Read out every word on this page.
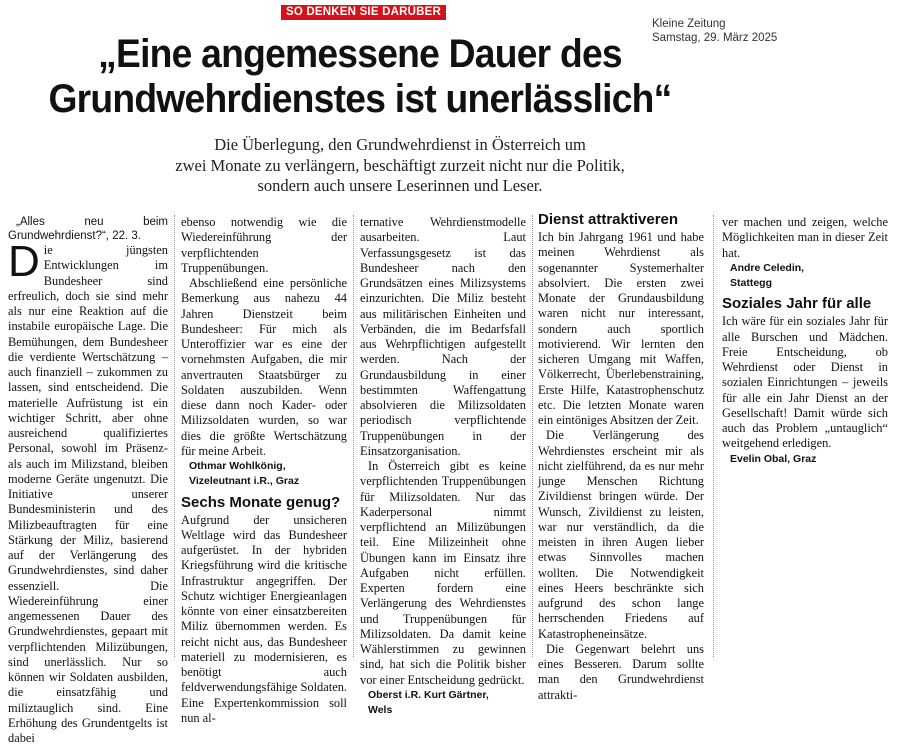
SO DENKEN SIE DARÜBER
Kleine Zeitung
Samstag, 29. März 2025
„Eine angemessene Dauer des
Grundwehrdienstes ist unerlässlich“

Die Überlegung, den Grundwehrdienst in Österreich um
zwei Monate zu verlängern, beschäftigt zurzeit nicht nur die Politik,
sondern auch unsere Leserinnen und Leser.

„Alles neu beim Grundwehrdienst?“, 22. 3.

Die jüngsten Entwicklungen im Bundesheer sind erfreulich, doch sie sind mehr als nur eine Reaktion auf die instabile europäische Lage. Die Bemühungen, dem Bundesheer die verdiente Wertschätzung – auch finanziell – zukommen zu lassen, sind entscheidend. Die materielle Aufrüstung ist ein wichtiger Schritt, aber ohne ausreichend qualifiziertes Personal, sowohl im Präsenz- als auch im Milizstand, bleiben moderne Geräte ungenutzt. Die Initiative unserer Bundesministerin und des Milizbeauftragten für eine Stärkung der Miliz, basierend auf der Verlängerung des Grundwehrdienstes, sind daher essenziell. Die Wiedereinführung einer angemessenen Dauer des Grundwehrdienstes, gepaart mit verpflichtenden Milizübungen, sind unerlässlich. Nur so können wir Soldaten ausbilden, die einsatzfähig und miliztauglich sind. Eine Erhöhung des Grundentgelts ist dabei

ebenso notwendig wie die Wiedereinführung der verpflichtenden Truppenübungen.

Abschließend eine persönliche Bemerkung aus nahezu 44 Jahren Dienstzeit beim Bundesheer: Für mich als Unteroffizier war es eine der vornehmsten Aufgaben, die mir anvertrauten Staatsbürger zu Soldaten auszubilden. Wenn diese dann noch Kader- oder Milizsoldaten wurden, so war dies die größte Wertschätzung für meine Arbeit.

Othmar Wohlkönig,

Vizeleutnant i.R., Graz

Sechs Monate genug?

Aufgrund der unsicheren Weltlage wird das Bundesheer aufgerüstet. In der hybriden Kriegsführung wird die kritische Infrastruktur angegriffen. Der Schutz wichtiger Energieanlagen könnte von einer einsatzbereiten Miliz übernommen werden. Es reicht nicht aus, das Bundesheer materiell zu modernisieren, es benötigt auch feldverwendungsfähige Soldaten. Eine Expertenkommission soll nun al-

ternative Wehrdienstmodelle ausarbeiten. Laut Verfassungsgesetz ist das Bundesheer nach den Grundsätzen eines Milizsystems einzurichten. Die Miliz besteht aus militärischen Einheiten und Verbänden, die im Bedarfsfall aus Wehrpflichtigen aufgestellt werden. Nach der Grundausbildung in einer bestimmten Waffengattung absolvieren die Milizsoldaten periodisch verpflichtende Truppenübungen in der Einsatzorganisation.

In Österreich gibt es keine verpflichtenden Truppenübungen für Milizsoldaten. Nur das Kaderpersonal nimmt verpflichtend an Milizübungen teil. Eine Milizeinheit ohne Übungen kann im Einsatz ihre Aufgaben nicht erfüllen. Experten fordern eine Verlängerung des Wehrdienstes und Truppenübungen für Milizsoldaten. Da damit keine Wählerstimmen zu gewinnen sind, hat sich die Politik bisher vor einer Entscheidung gedrückt.

Oberst i.R. Kurt Gärtner,

Wels

Dienst attraktiveren

Ich bin Jahrgang 1961 und habe meinen Wehrdienst als sogenannter Systemerhalter absolviert. Die ersten zwei Monate der Grundausbildung waren nicht nur interessant, sondern auch sportlich motivierend. Wir lernten den sicheren Umgang mit Waffen, Völkerrecht, Überlebenstraining, Erste Hilfe, Katastrophenschutz etc. Die letzten Monate waren ein eintöniges Absitzen der Zeit.

Die Verlängerung des Wehrdienstes erscheint mir als nicht zielführend, da es nur mehr junge Menschen Richtung Zivildienst bringen würde. Der Wunsch, Zivildienst zu leisten, war nur verständlich, da die meisten in ihren Augen lieber etwas Sinnvolles machen wollten. Die Notwendigkeit eines Heers beschränkte sich aufgrund des schon lange herrschenden Friedens auf Katastropheneinsätze.

Die Gegenwart belehrt uns eines Besseren. Darum sollte man den Grundwehrdienst attrakti-

ver machen und zeigen, welche Möglichkeiten man in dieser Zeit hat.

Andre Celedin,

Stattegg

Soziales Jahr für alle

Ich wäre für ein soziales Jahr für alle Burschen und Mädchen. Freie Entscheidung, ob Wehrdienst oder Dienst in sozialen Einrichtungen – jeweils für alle ein Jahr Dienst an der Gesellschaft! Damit würde sich auch das Problem „untauglich“ weitgehend erledigen.

Evelin Obal, Graz
